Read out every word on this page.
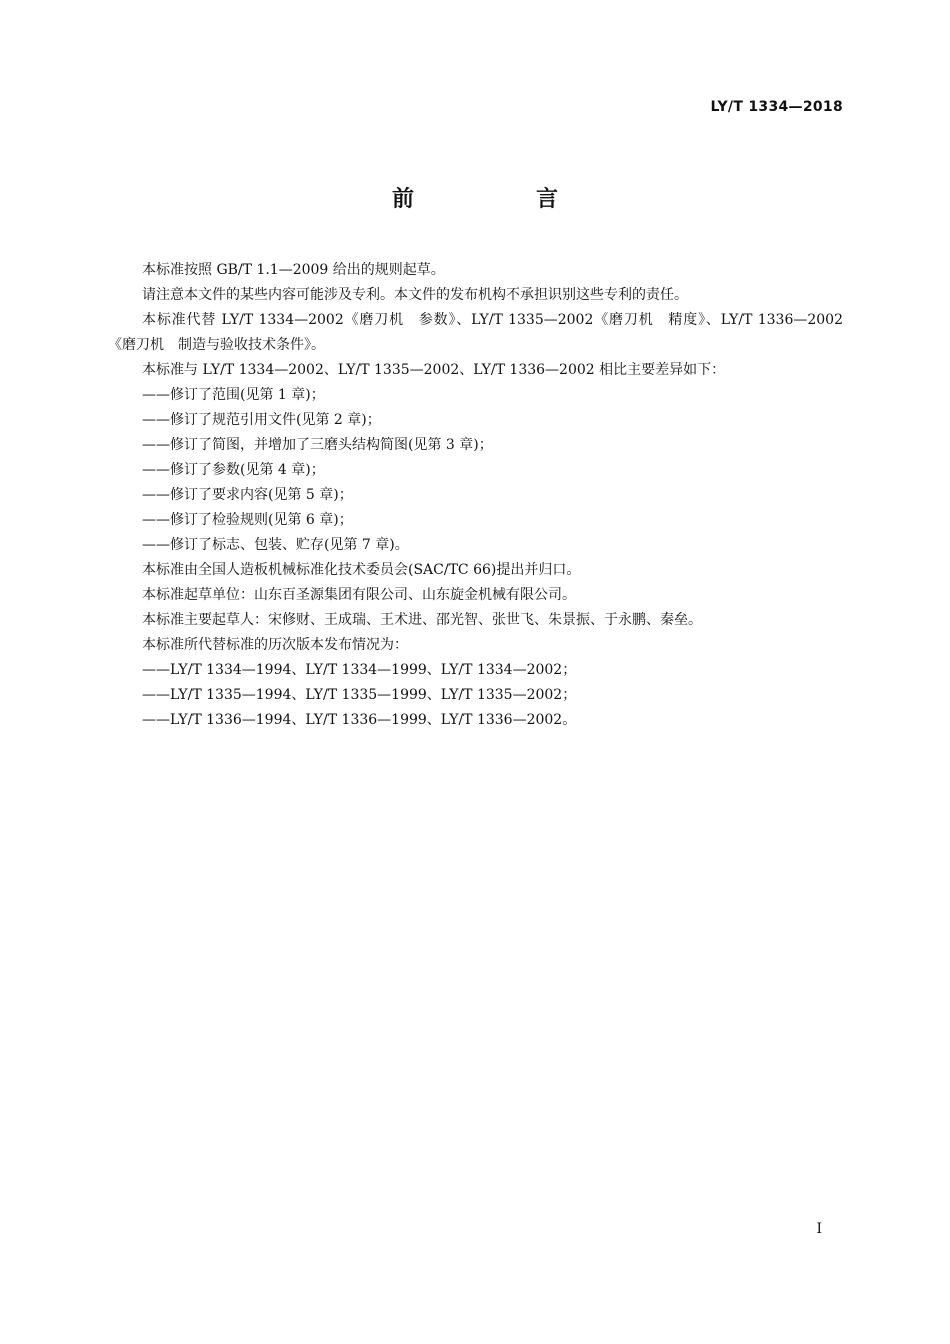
LY/T 1334—2018
前　言

本标准按照 GB/T 1.1—2009 给出的规则起草。

请注意本文件的某些内容可能涉及专利。本文件的发布机构不承担识别这些专利的责任。

本标准代替 LY/T 1334—2002《磨刀机　参数》、LY/T 1335—2002《磨刀机　精度》、LY/T 1336—2002《磨刀机　制造与验收技术条件》。

本标准与 LY/T 1334—2002、LY/T 1335—2002、LY/T 1336—2002 相比主要差异如下：

——修订了范围(见第 1 章)；

——修订了规范引用文件(见第 2 章)；

——修订了简图，并增加了三磨头结构简图(见第 3 章)；

——修订了参数(见第 4 章)；

——修订了要求内容(见第 5 章)；

——修订了检验规则(见第 6 章)；

——修订了标志、包装、贮存(见第 7 章)。

本标准由全国人造板机械标准化技术委员会(SAC/TC 66)提出并归口。

本标准起草单位：山东百圣源集团有限公司、山东旋金机械有限公司。

本标准主要起草人：宋修财、王成瑞、王术进、邵光智、张世飞、朱景振、于永鹏、秦垒。

本标准所代替标准的历次版本发布情况为：

——LY/T 1334—1994、LY/T 1334—1999、LY/T 1334—2002；

——LY/T 1335—1994、LY/T 1335—1999、LY/T 1335—2002；

——LY/T 1336—1994、LY/T 1336—1999、LY/T 1336—2002。

I
